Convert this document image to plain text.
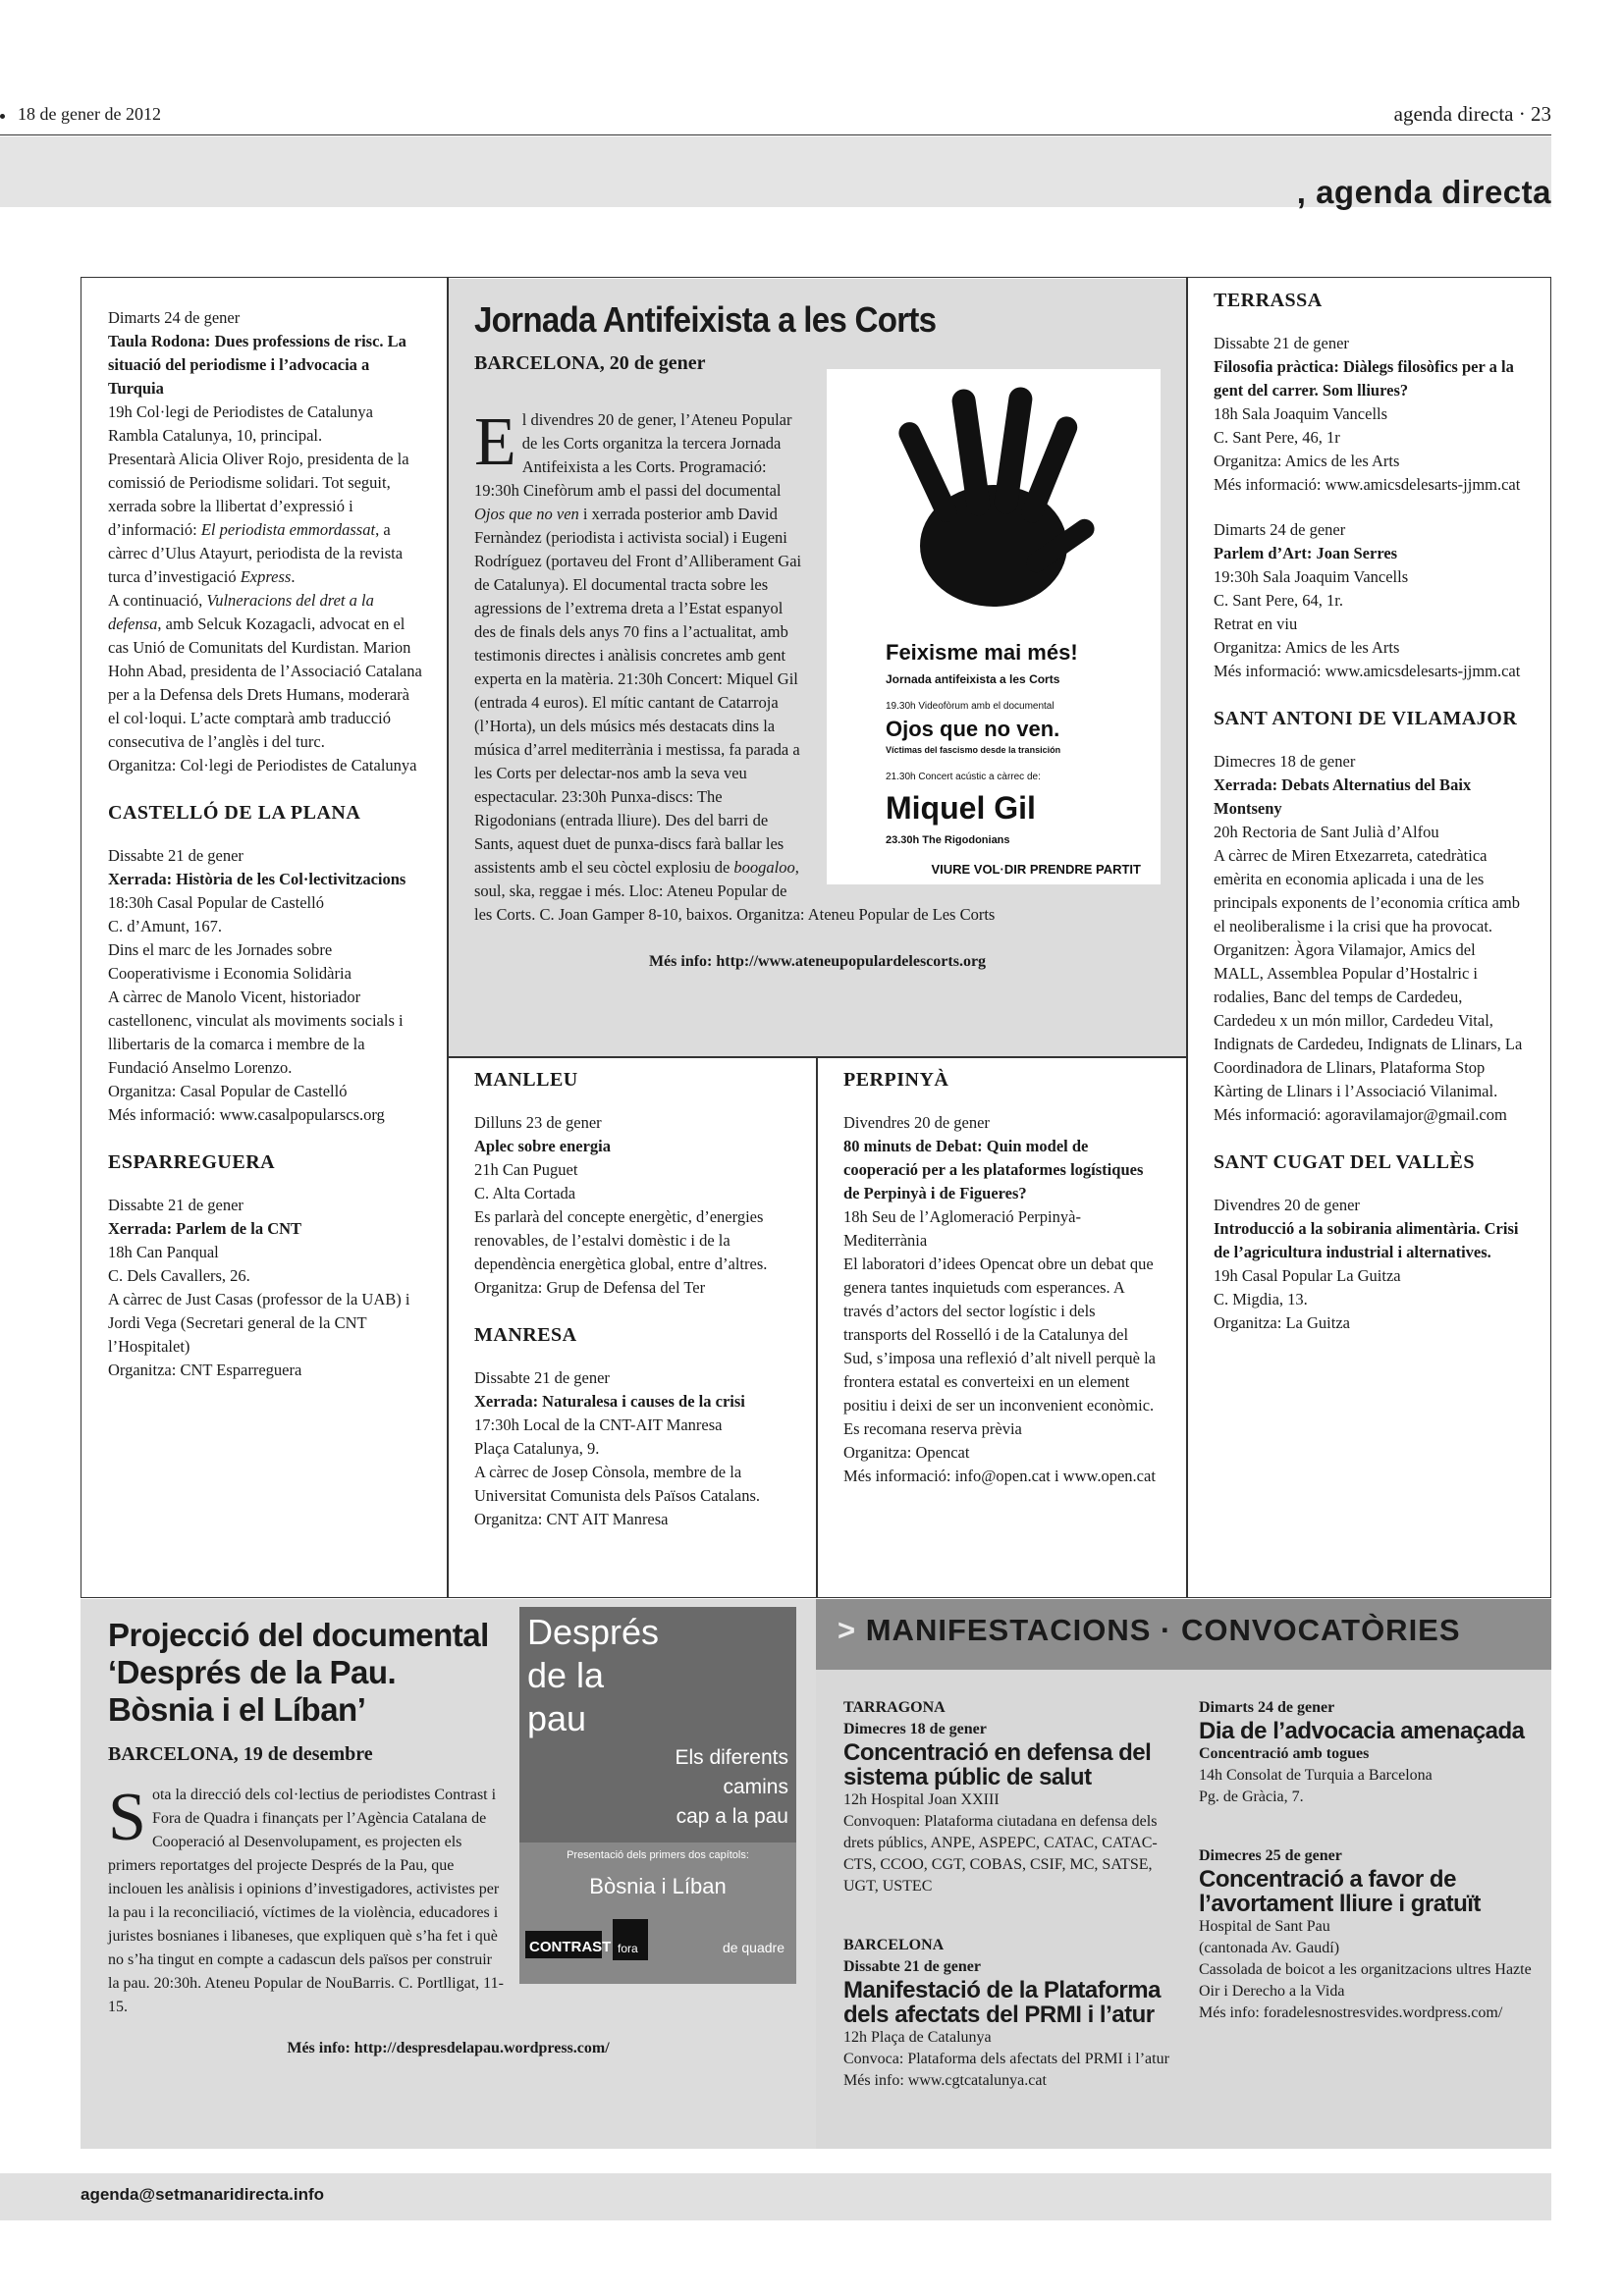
18 de gener de 2012	agenda directa · 23
, agenda directa
Dimarts 24 de gener
Taula Rodona: Dues professions de risc. La situació del periodisme i l’advocacia a Turquia
19h Col·legi de Periodistes de Catalunya
Rambla Catalunya, 10, principal.
Presentarà Alicia Oliver Rojo, presidenta de la comissió de Periodisme solidari. Tot seguit, xerrada sobre la llibertat d’expressió i d’informació: El periodista emmordassat, a càrrec d’Ulus Atayurt, periodista de la revista turca d’investigació Express.
A continuació, Vulneracions del dret a la defensa, amb Selcuk Kozagacli, advocat en el cas Unió de Comunitats del Kurdistan. Marion Hohn Abad, presidenta de l’Associació Catalana per a la Defensa dels Drets Humans, moderarà el col·loqui. L’acte comptarà amb traducció consecutiva de l’anglès i del turc.
Organitza: Col·legi de Periodistes de Catalunya
CASTELLÓ DE LA PLANA
Dissabte 21 de gener
Xerrada: Història de les Col·lectivitzacions
18:30h Casal Popular de Castelló
C. d’Amunt, 167.
Dins el marc de les Jornades sobre Cooperativisme i Economia Solidària
A càrrec de Manolo Vicent, historiador castellonenc, vinculat als moviments socials i llibertaris de la comarca i membre de la Fundació Anselmo Lorenzo.
Organitza: Casal Popular de Castelló
Més informació: www.casalpopularscs.org
ESPARREGUERA
Dissabte 21 de gener
Xerrada: Parlem de la CNT
18h Can Panqual
C. Dels Cavallers, 26.
A càrrec de Just Casas (professor de la UAB) i Jordi Vega (Secretari general de la CNT l’Hospitalet)
Organitza: CNT Esparreguera
Jornada Antifeixista a les Corts
BARCELONA, 20 de gener
Feixisme mai més!
Jornada antifeixista a les Corts
19.30h Videofòrum amb el documental
Ojos que no ven.
Víctimas del fascismo desde la transición
21.30h Concert acústic a càrrec de:
Miquel Gil
23.30h The Rigodonians
VIURE VOL·DIR PRENDRE PARTIT
E l divendres 20 de gener, l’Ateneu Popular de les Corts organitza la tercera Jornada Antifeixista a les Corts. Programació: 19:30h Cinefòrum amb el passi del documental Ojos que no ven i xerrada posterior amb David Fernàndez (periodista i activista social) i Eugeni Rodríguez (portaveu del Front d’Alliberament Gai de Catalunya). El documental tracta sobre les agressions de l’extrema dreta a l’Estat espanyol des de finals dels anys 70 fins a l’actualitat, amb testimonis directes i anàlisis concretes amb gent experta en la matèria. 21:30h Concert: Miquel Gil (entrada 4 euros). El mític cantant de Catarroja (l’Horta), un dels músics més destacats dins la música d’arrel mediterrània i mestissa, fa parada a les Corts per delectar-nos amb la seva veu espectacular. 23:30h Punxa-discs: The Rigodonians (entrada lliure). Des del barri de Sants, aquest duet de punxa-discs farà ballar les assistents amb el seu còctel explosiu de boogaloo, soul, ska, reggae i més. Lloc: Ateneu Popular de les Corts. C. Joan Gamper 8-10, baixos. Organitza: Ateneu Popular de Les Corts
Més info: http://www.ateneupopulardelescorts.org
MANLLEU
Dilluns 23 de gener
Aplec sobre energia
21h Can Puguet
C. Alta Cortada
Es parlarà del concepte energètic, d’energies renovables, de l’estalvi domèstic i de la dependència energètica global, entre d’altres.
Organitza: Grup de Defensa del Ter
MANRESA
Dissabte 21 de gener
Xerrada: Naturalesa i causes de la crisi
17:30h Local de la CNT-AIT Manresa
Plaça Catalunya, 9.
A càrrec de Josep Cònsola, membre de la Universitat Comunista dels Països Catalans.
Organitza: CNT AIT Manresa
PERPINYÀ
Divendres 20 de gener
80 minuts de Debat: Quin model de cooperació per a les plataformes logístiques de Perpinyà i de Figueres?
18h Seu de l’Aglomeració Perpinyà-Mediterrània
El laboratori d’idees Opencat obre un debat que genera tantes inquietuds com esperances. A través d’actors del sector logístic i dels transports del Rosselló i de la Catalunya del Sud, s’imposa una reflexió d’alt nivell perquè la frontera estatal es converteixi en un element positiu i deixi de ser un inconvenient econòmic.
Es recomana reserva prèvia
Organitza: Opencat
Més informació: info@open.cat i www.open.cat
TERRASSA
Dissabte 21 de gener
Filosofia pràctica: Diàlegs filosòfics per a la gent del carrer. Som lliures?
18h Sala Joaquim Vancells
C. Sant Pere, 46, 1r
Organitza: Amics de les Arts
Més informació: www.amicsdelesarts-jjmm.cat
Dimarts 24 de gener
Parlem d’Art: Joan Serres
19:30h Sala Joaquim Vancells
C. Sant Pere, 64, 1r.
Retrat en viu
Organitza: Amics de les Arts
Més informació: www.amicsdelesarts-jjmm.cat
SANT ANTONI DE VILAMAJOR
Dimecres 18 de gener
Xerrada: Debats Alternatius del Baix Montseny
20h Rectoria de Sant Julià d’Alfou
A càrrec de Miren Etxezarreta, catedràtica emèrita en economia aplicada i una de les principals exponents de l’economia crítica amb el neoliberalisme i la crisi que ha provocat.
Organitzen: Àgora Vilamajor, Amics del MALL, Assemblea Popular d’Hostalric i rodalies, Banc del temps de Cardedeu, Cardedeu x un món millor, Cardedeu Vital, Indignats de Cardedeu, Indignats de Llinars, La Coordinadora de Llinars, Plataforma Stop Kàrting de Llinars i l’Associació Vilanimal.
Més informació: agoravilamajor@gmail.com
SANT CUGAT DEL VALLÈS
Divendres 20 de gener
Introducció a la sobirania alimentària. Crisi de l’agricultura industrial i alternatives.
19h Casal Popular La Guitza
C. Migdia, 13.
Organitza: La Guitza
Després
de la
pau
Els diferents
camins
cap a la pau
Presentació dels primers dos capítols:
Bòsnia i Líban
CONTRAST fora	de quadre
Projecció del documental ‘Després de la Pau. Bòsnia i el Líban’
BARCELONA, 19 de desembre
S ota la direcció dels col·lectius de periodistes Contrast i Fora de Quadra i finançats per l’Agència Catalana de Cooperació al Desenvolupament, es projecten els primers reportatges del projecte Després de la Pau, que inclouen les anàlisis i opinions d’investigadores, activistes per la pau i la reconciliació, víctimes de la violència, educadores i juristes bosnianes i libaneses, que expliquen què s’ha fet i què no s’ha tingut en compte a cadascun dels països per construir la pau. 20:30h. Ateneu Popular de NouBarris. C. Portlligat, 11-15.
Més info: http://despresdelapau.wordpress.com/
> MANIFESTACIONS · CONVOCATÒRIES
TARRAGONA
Dimecres 18 de gener
Concentració en defensa del sistema públic de salut
12h Hospital Joan XXIII
Convoquen: Plataforma ciutadana en defensa dels drets públics, ANPE, ASPEPC, CATAC, CATAC-CTS, CCOO, CGT, COBAS, CSIF, MC, SATSE, UGT, USTEC
BARCELONA
Dissabte 21 de gener
Manifestació de la Plataforma dels afectats del PRMI i l’atur
12h Plaça de Catalunya
Convoca: Plataforma dels afectats del PRMI i l’atur
Més info: www.cgtcatalunya.cat
Dimarts 24 de gener
Dia de l’advocacia amenaçada
Concentració amb togues
14h Consolat de Turquia a Barcelona
Pg. de Gràcia, 7.
Dimecres 25 de gener
Concentració a favor de l’avortament lliure i gratuït
Hospital de Sant Pau
(cantonada Av. Gaudí)
Cassolada de boicot a les organitzacions ultres Hazte Oir i Derecho a la Vida
Més info: foradelesnostresvides.wordpress.com/
agenda@setmanaridirecta.info
